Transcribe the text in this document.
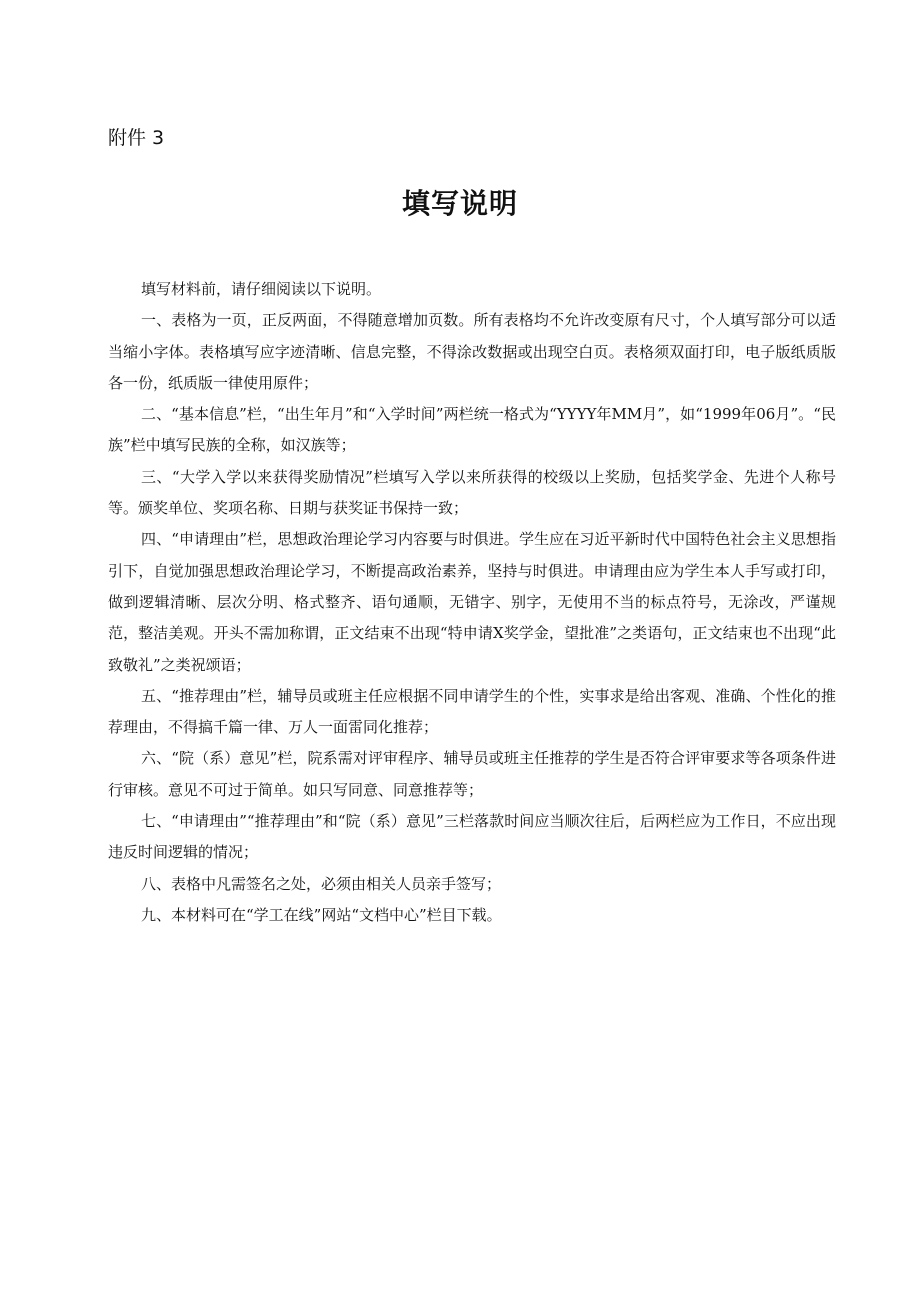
附件 3
填写说明

填写材料前，请仔细阅读以下说明。

一、表格为一页，正反两面，不得随意增加页数。所有表格均不允许改变原有尺寸，个人填写部分可以适当缩小字体。表格填写应字迹清晰、信息完整，不得涂改数据或出现空白页。表格须双面打印，电子版纸质版各一份，纸质版一律使用原件；

二、“基本信息”栏，“出生年月”和“入学时间”两栏统一格式为“YYYY年MM月”，如“1999年06月”。“民族”栏中填写民族的全称，如汉族等；

三、“大学入学以来获得奖励情况”栏填写入学以来所获得的校级以上奖励，包括奖学金、先进个人称号等。颁奖单位、奖项名称、日期与获奖证书保持一致；

四、“申请理由”栏，思想政治理论学习内容要与时俱进。学生应在习近平新时代中国特色社会主义思想指引下，自觉加强思想政治理论学习，不断提高政治素养，坚持与时俱进。申请理由应为学生本人手写或打印，做到逻辑清晰、层次分明、格式整齐、语句通顺，无错字、别字，无使用不当的标点符号，无涂改，严谨规范，整洁美观。开头不需加称谓，正文结束不出现“特申请X奖学金，望批准”之类语句，正文结束也不出现“此致敬礼”之类祝颂语；

五、“推荐理由”栏，辅导员或班主任应根据不同申请学生的个性，实事求是给出客观、准确、个性化的推荐理由，不得搞千篇一律、万人一面雷同化推荐；

六、“院（系）意见”栏，院系需对评审程序、辅导员或班主任推荐的学生是否符合评审要求等各项条件进行审核。意见不可过于简单。如只写同意、同意推荐等；

七、“申请理由”“推荐理由”和“院（系）意见”三栏落款时间应当顺次往后，后两栏应为工作日，不应出现违反时间逻辑的情况；

八、表格中凡需签名之处，必须由相关人员亲手签写；

九、本材料可在“学工在线”网站“文档中心”栏目下载。
